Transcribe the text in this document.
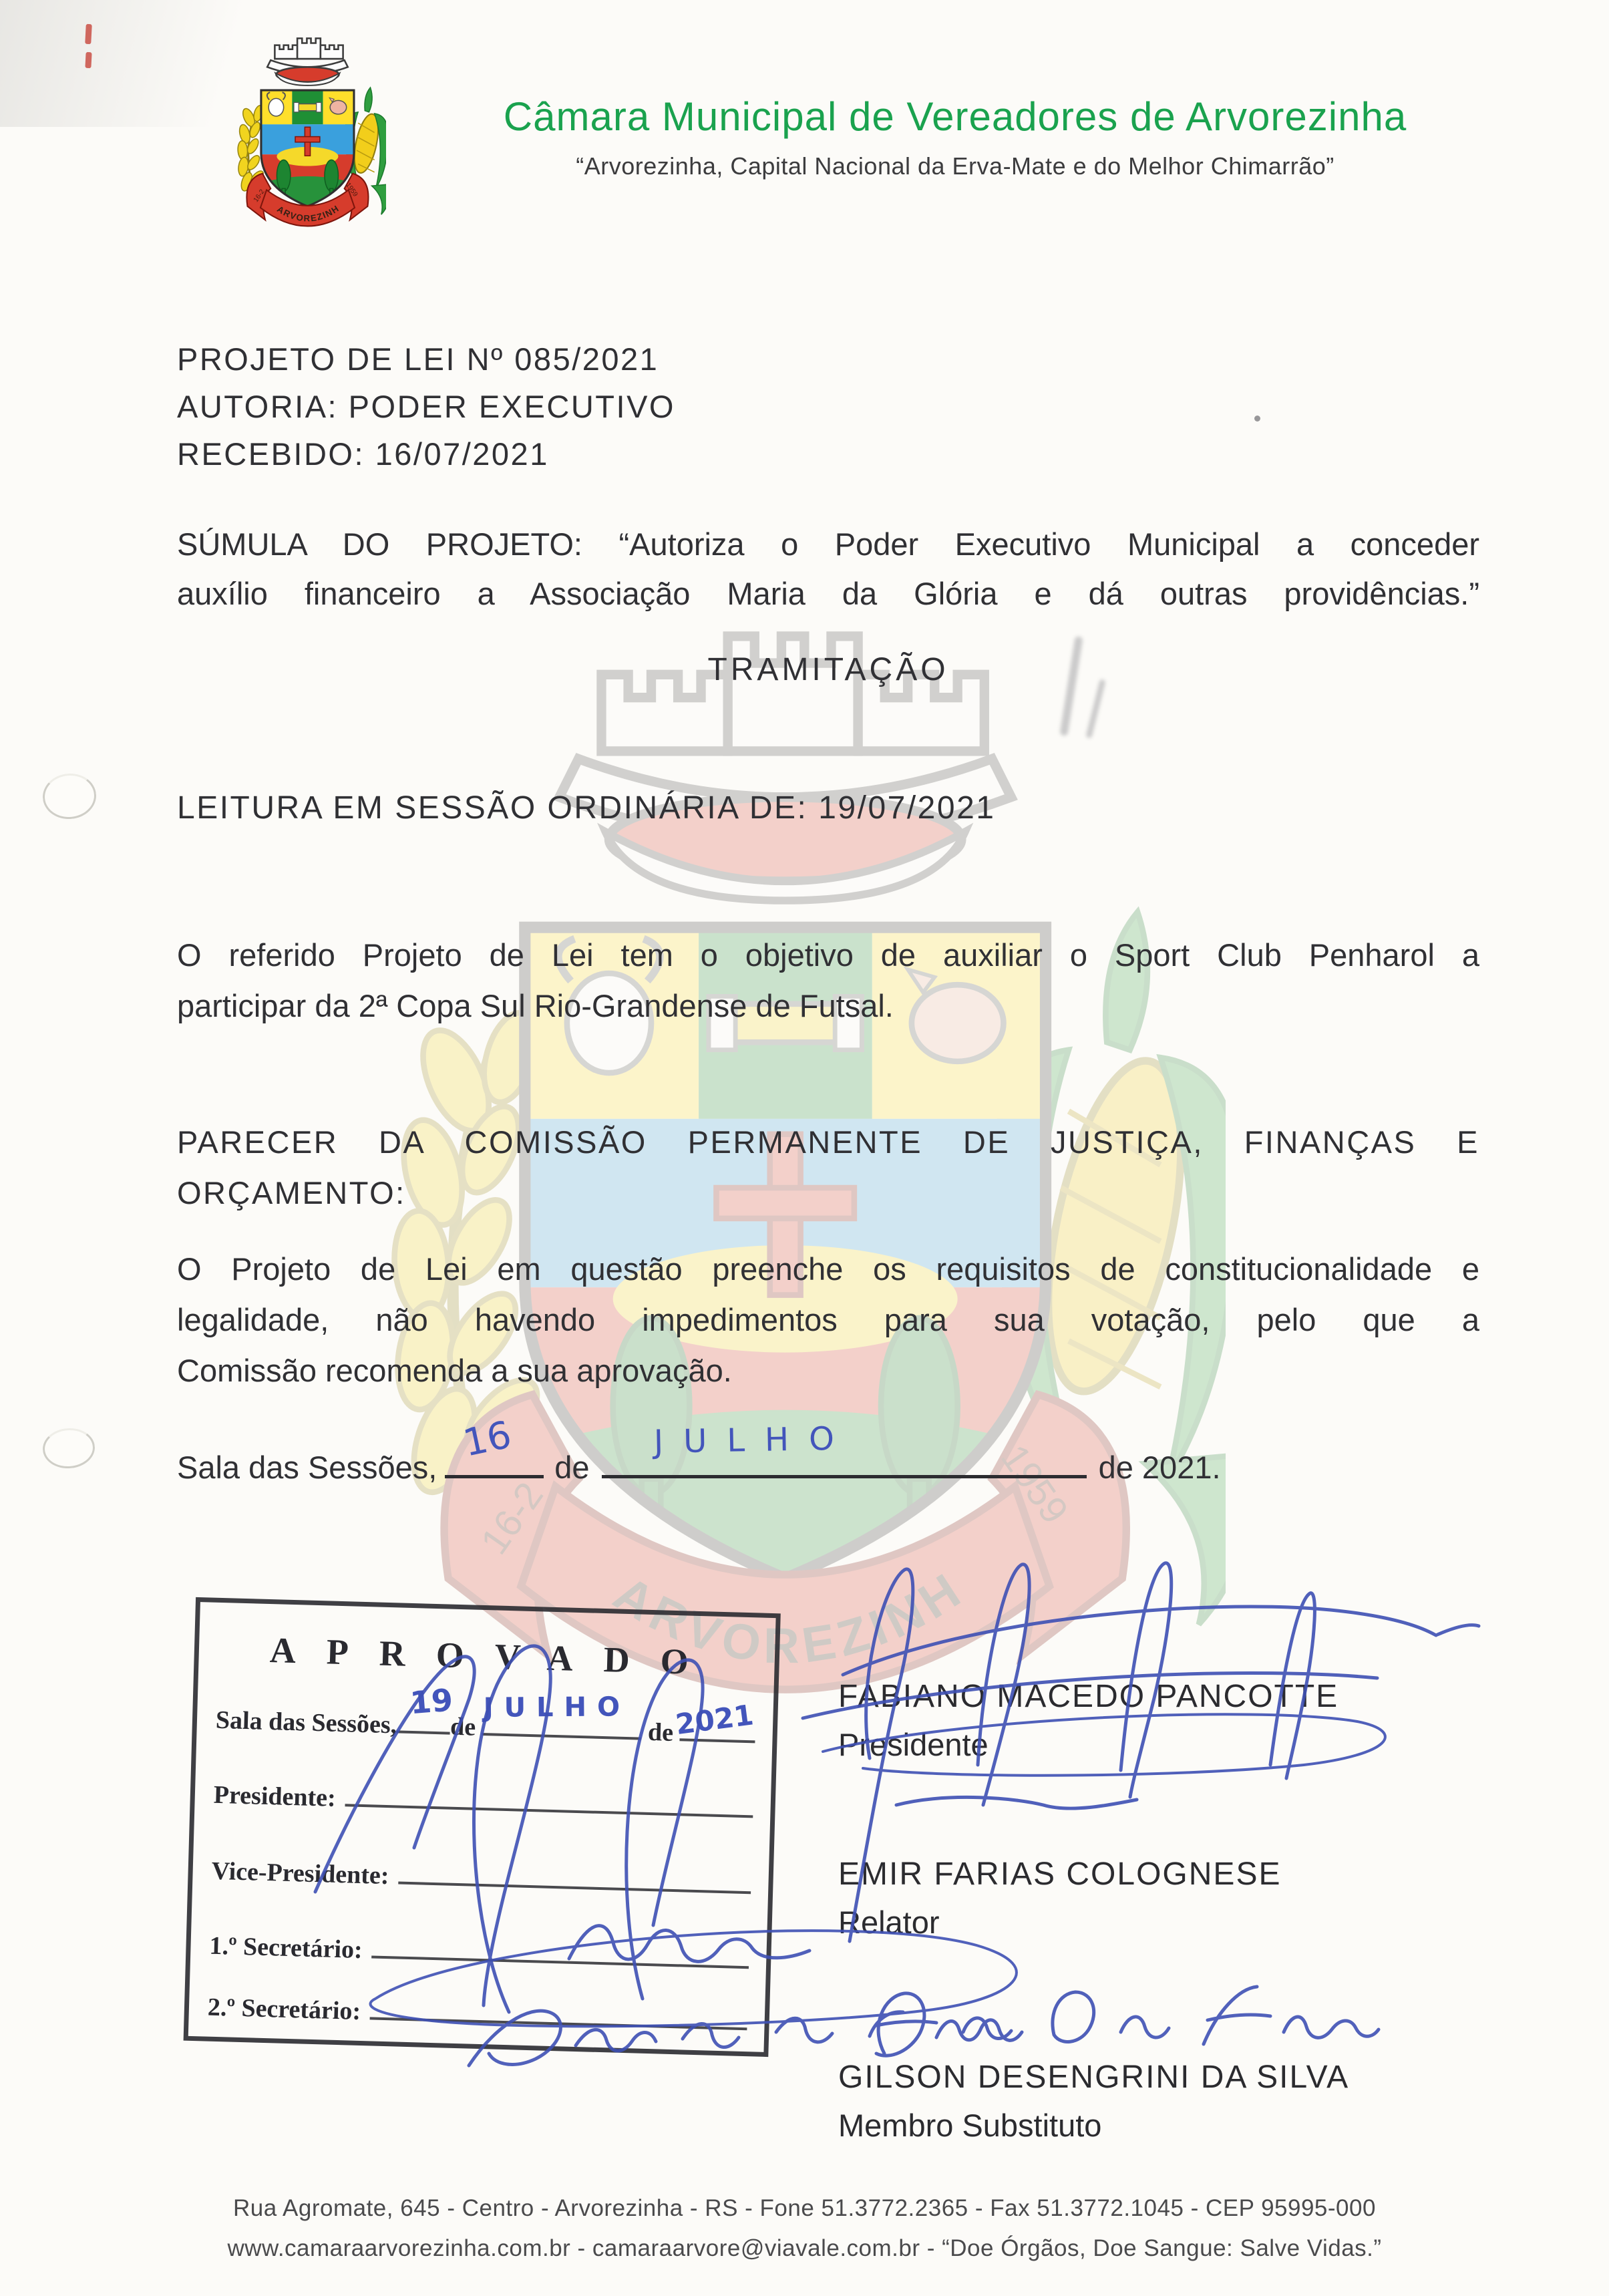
Câmara Municipal de Vereadores de Arvorezinha
“Arvorezinha, Capital Nacional da Erva-Mate e do Melhor Chimarrão”
PROJETO DE LEI Nº 085/2021
AUTORIA: PODER EXECUTIVO
RECEBIDO: 16/07/2021
SÚMULA DO PROJETO: “Autoriza o Poder Executivo Municipal a conceder
auxílio financeiro a Associação Maria da Glória e dá outras providências.”
TRAMITAÇÃO
LEITURA EM SESSÃO ORDINÁRIA DE: 19/07/2021
O referido Projeto de Lei tem o objetivo de auxiliar o Sport Club Penharol a
participar da 2ª Copa Sul Rio-Grandense de Futsal.
PARECER DA COMISSÃO PERMANENTE DE JUSTIÇA, FINANÇAS E
ORÇAMENTO:
O Projeto de Lei em questão preenche os requisitos de constitucionalidade e
legalidade, não havendo impedimentos para sua votação, pelo que a
Comissão recomenda a sua aprovação.
Sala das Sessões,
16
de
JULHO
de 2021.
APROVADO
Sala das Sessões, de	de
Presidente:
Vice-Presidente:
1.º Secretário:
2.º Secretário:
19 JULHO 2021
FABIANO MACEDO PANCOTTE
Presidente
EMIR FARIAS COLOGNESE
Relator
GILSON DESENGRINI DA SILVA
Membro Substituto
Rua Agromate, 645 - Centro - Arvorezinha - RS - Fone 51.3772.2365 - Fax 51.3772.1045 - CEP 95995-000
www.camaraarvorezinha.com.br - camaraarvore@viavale.com.br - “Doe Órgãos, Doe Sangue: Salve Vidas.”
